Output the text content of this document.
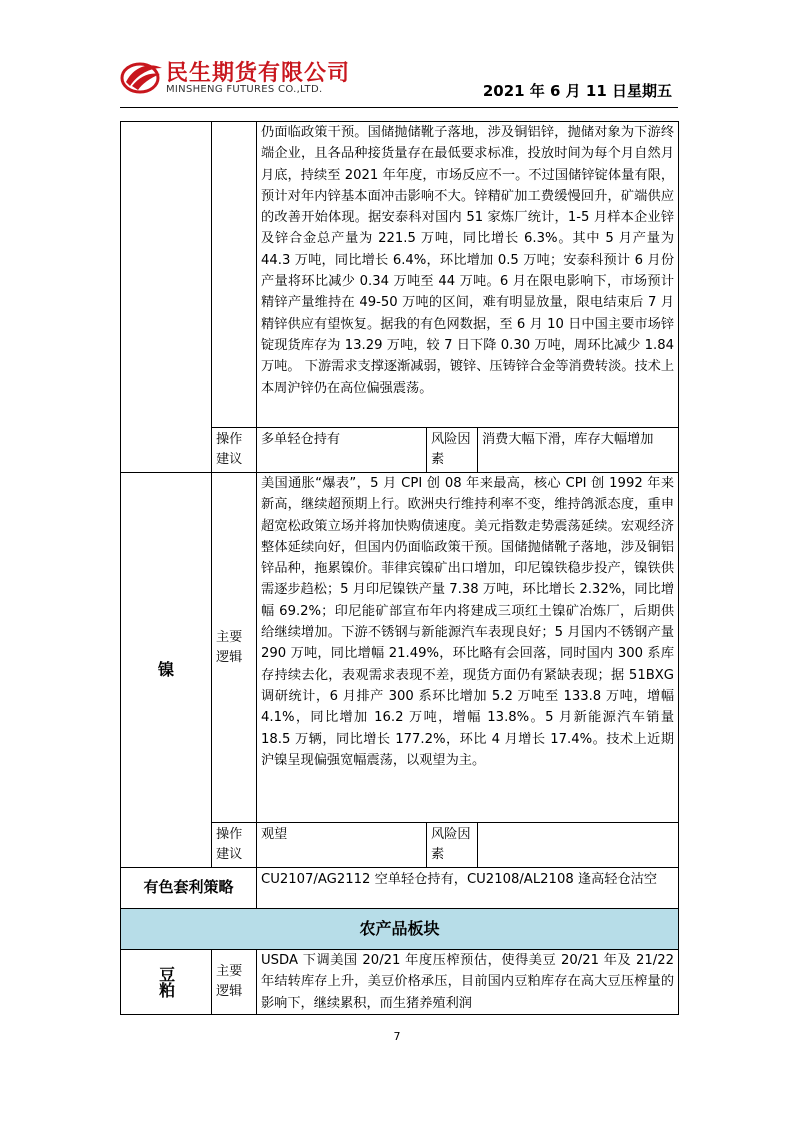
民生期货有限公司
MINSHENG FUTURES CO.,LTD.	2021 年 6 月 11 日星期五
		仍面临政策干预。国储抛储靴子落地，涉及铜铝锌，抛储对象为下游终端企业，且各品种接货量存在最低要求标准，投放时间为每个月自然月月底，持续至 2021 年年度，市场反应不一。不过国储锌锭体量有限，预计对年内锌基本面冲击影响不大。锌精矿加工费缓慢回升，矿端供应的改善开始体现。据安泰科对国内 51 家炼厂统计，1-5 月样本企业锌及锌合金总产量为 221.5 万吨，同比增长 6.3%。其中 5 月产量为 44.3 万吨，同比增长 6.4%，环比增加 0.5 万吨；安泰科预计 6 月份产量将环比减少 0.34 万吨至 44 万吨。6 月在限电影响下，市场预计精锌产量维持在 49-50 万吨的区间，难有明显放量，限电结束后 7 月精锌供应有望恢复。据我的有色网数据，至 6 月 10 日中国主要市场锌锭现货库存为 13.29 万吨，较 7 日下降 0.30 万吨，周环比减少 1.84 万吨。 下游需求支撑逐渐减弱，镀锌、压铸锌合金等消费转淡。技术上本周沪锌仍在高位偏强震荡。		
	操作建议	多单轻仓持有	风险因素	消费大幅下滑，库存大幅增加
镍	主要逻辑	美国通胀“爆表”，5 月 CPI 创 08 年来最高，核心 CPI 创 1992 年来新高，继续超预期上行。欧洲央行维持利率不变，维持鸽派态度，重申超宽松政策立场并将加快购债速度。美元指数走势震荡延续。宏观经济整体延续向好，但国内仍面临政策干预。国储抛储靴子落地，涉及铜铝锌品种，拖累镍价。菲律宾镍矿出口增加，印尼镍铁稳步投产，镍铁供需逐步趋松；5 月印尼镍铁产量 7.38 万吨，环比增长 2.32%，同比增幅 69.2%；印尼能矿部宣布年内将建成三项红土镍矿冶炼厂，后期供给继续增加。下游不锈钢与新能源汽车表现良好；5 月国内不锈钢产量 290 万吨，同比增幅 21.49%，环比略有会回落，同时国内 300 系库存持续去化，表观需求表现不差，现货方面仍有紧缺表现；据 51BXG 调研统计，6 月排产 300 系环比增加 5.2 万吨至 133.8 万吨，增幅 4.1%，同比增加 16.2 万吨，增幅 13.8%。5 月新能源汽车销量 18.5 万辆，同比增长 177.2%，环比 4 月增长 17.4%。技术上近期沪镍呈现偏强宽幅震荡，以观望为主。		
	操作建议	观望	风险因素	
有色套利策略		CU2107/AG2112 空单轻仓持有，CU2108/AL2108 逢高轻仓沽空		
农产品板块				
豆粕	主要逻辑	USDA 下调美国 20/21 年度压榨预估，使得美豆 20/21 年及 21/22 年结转库存上升，美豆价格承压，目前国内豆粕库存在高大豆压榨量的影响下，继续累积，而生猪养殖利润		
7
